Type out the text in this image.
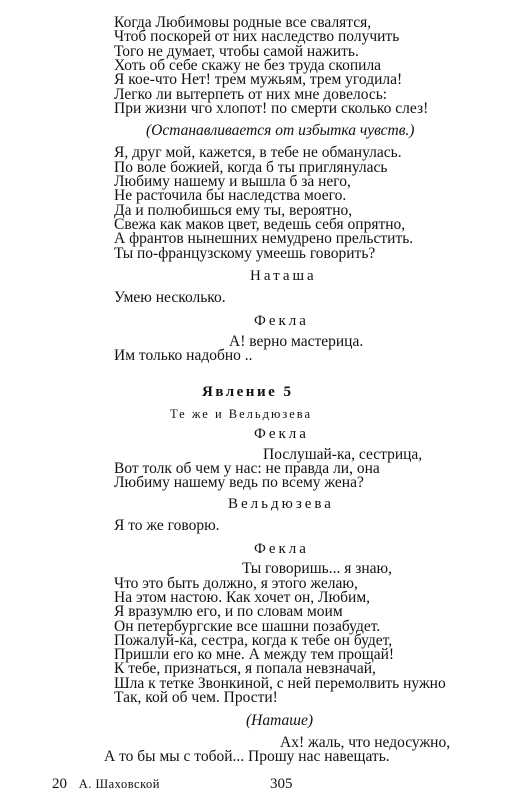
Когда Любимовы родные все свалятся,
Чтоб поскорей от них наследство получить
Того не думает, чтобы самой нажить.
Хоть об себе скажу не без труда скопила
Я кое-что Нет! трем мужьям, трем угодила!
Легко ли вытерпеть от них мне довелось:
При жизни чго хлопот! по смерти сколько слез!
(Останавливается от избытка чувств.)
Я, друг мой, кажется, в тебе не обманулась.
По воле божией, когда б ты приглянулась
Любиму нашему и вышла б за него,
Не расточила бы наследства моего.
Да и полюбишься ему ты, вероятно,
Свежа как маков цвет, ведешь себя опрятно,
А франтов нынешних немудрено прельстить.
Ты по-французскому умеешь говорить?
Наташа
Умею несколько.
Фекла
А! верно мастерица.
Им только надобно ..
Явление 5
Те же и Вельдюзева
Фекла
Послушай-ка, сестрица,
Вот толк об чем у нас: не правда ли, она
Любиму нашему ведь по всему жена?
Вельдюзева
Я то же говорю.
Фекла
Ты говоришь... я знаю,
Что это быть должно, я этого желаю,
На этом настою. Как хочет он, Любим,
Я вразумлю его, и по словам моим
Он петербургские все шашни позабудет.
Пожалуй-ка, сестра, когда к тебе он будет,
Пришли его ко мне. А между тем прощай!
К тебе, признаться, я попала невзначай,
Шла к тетке Звонкиной, с ней перемолвить нужно
Так, кой об чем. Прости!
(Наташе)
Ах! жаль, что недосужно,
А то бы мы с тобой... Прошу нас навещать.
20 А. Шаховской	305
